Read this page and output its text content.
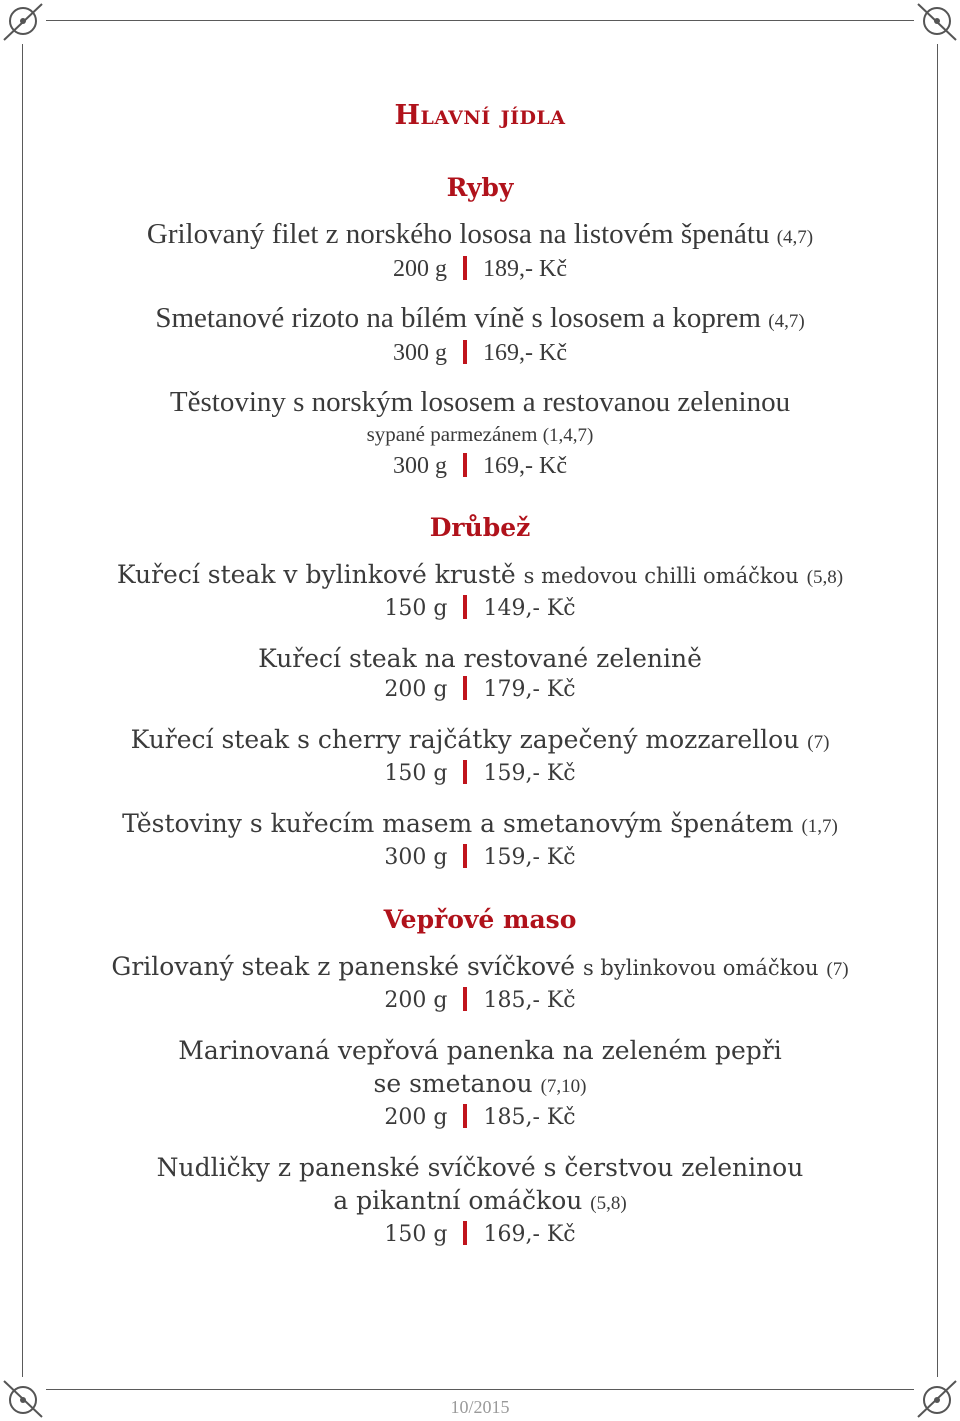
Hlavní jídla
Ryby
Grilovaný filet z norského lososa na listovém špenátu (4,7)
200 g 189,- Kč
Smetanové rizoto na bílém víně s lososem a koprem (4,7)
300 g 169,- Kč
Těstoviny s norským lososem a restovanou zeleninou
sypané parmezánem (1,4,7)
300 g 169,- Kč
Drůbež
Kuřecí steak v bylinkové krustě s medovou chilli omáčkou (5,8)
150 g 149,- Kč
Kuřecí steak na restované zelenině
200 g 179,- Kč
Kuřecí steak s cherry rajčátky zapečený mozzarellou (7)
150 g 159,- Kč
Těstoviny s kuřecím masem a smetanovým špenátem (1,7)
300 g 159,- Kč
Vepřové maso
Grilovaný steak z panenské svíčkové s bylinkovou omáčkou (7)
200 g 185,- Kč
Marinovaná vepřová panenka na zeleném pepři
se smetanou (7,10)
200 g 185,- Kč
Nudličky z panenské svíčkové s čerstvou zeleninou
a pikantní omáčkou (5,8)
150 g 169,- Kč
10/2015
